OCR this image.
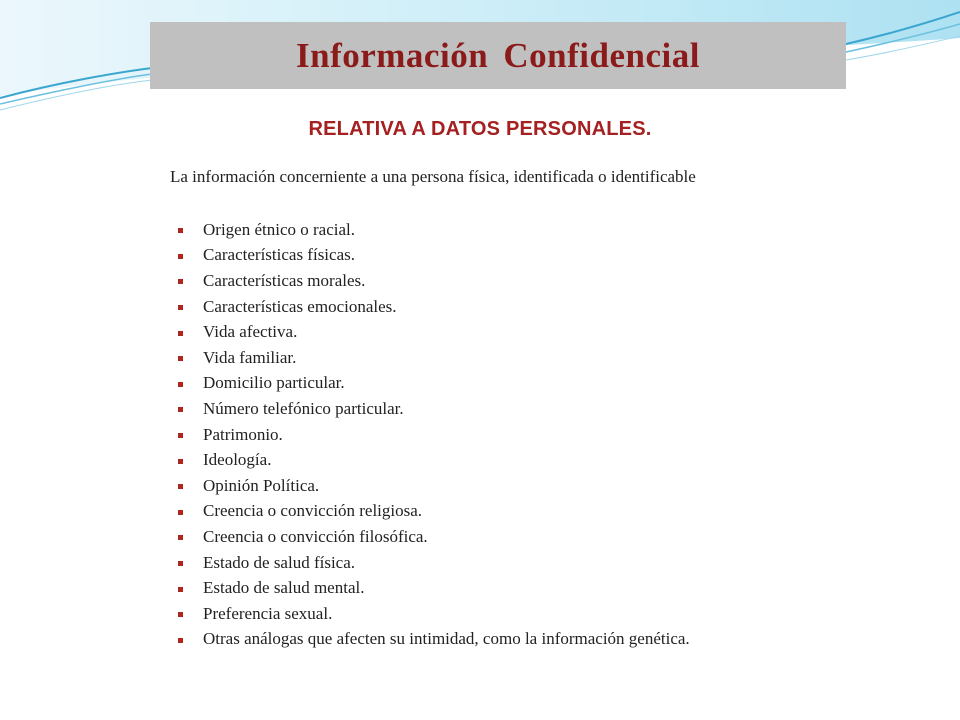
Información Confidencial
RELATIVA A DATOS PERSONALES.
La información concerniente a una persona física, identificada o identificable
Origen étnico o racial.
Características físicas.
Características morales.
Características emocionales.
Vida afectiva.
Vida familiar.
Domicilio particular.
Número telefónico particular.
Patrimonio.
Ideología.
Opinión Política.
Creencia o convicción religiosa.
Creencia o convicción filosófica.
Estado de salud física.
Estado de salud mental.
Preferencia sexual.
Otras análogas que afecten su intimidad, como la información genética.
